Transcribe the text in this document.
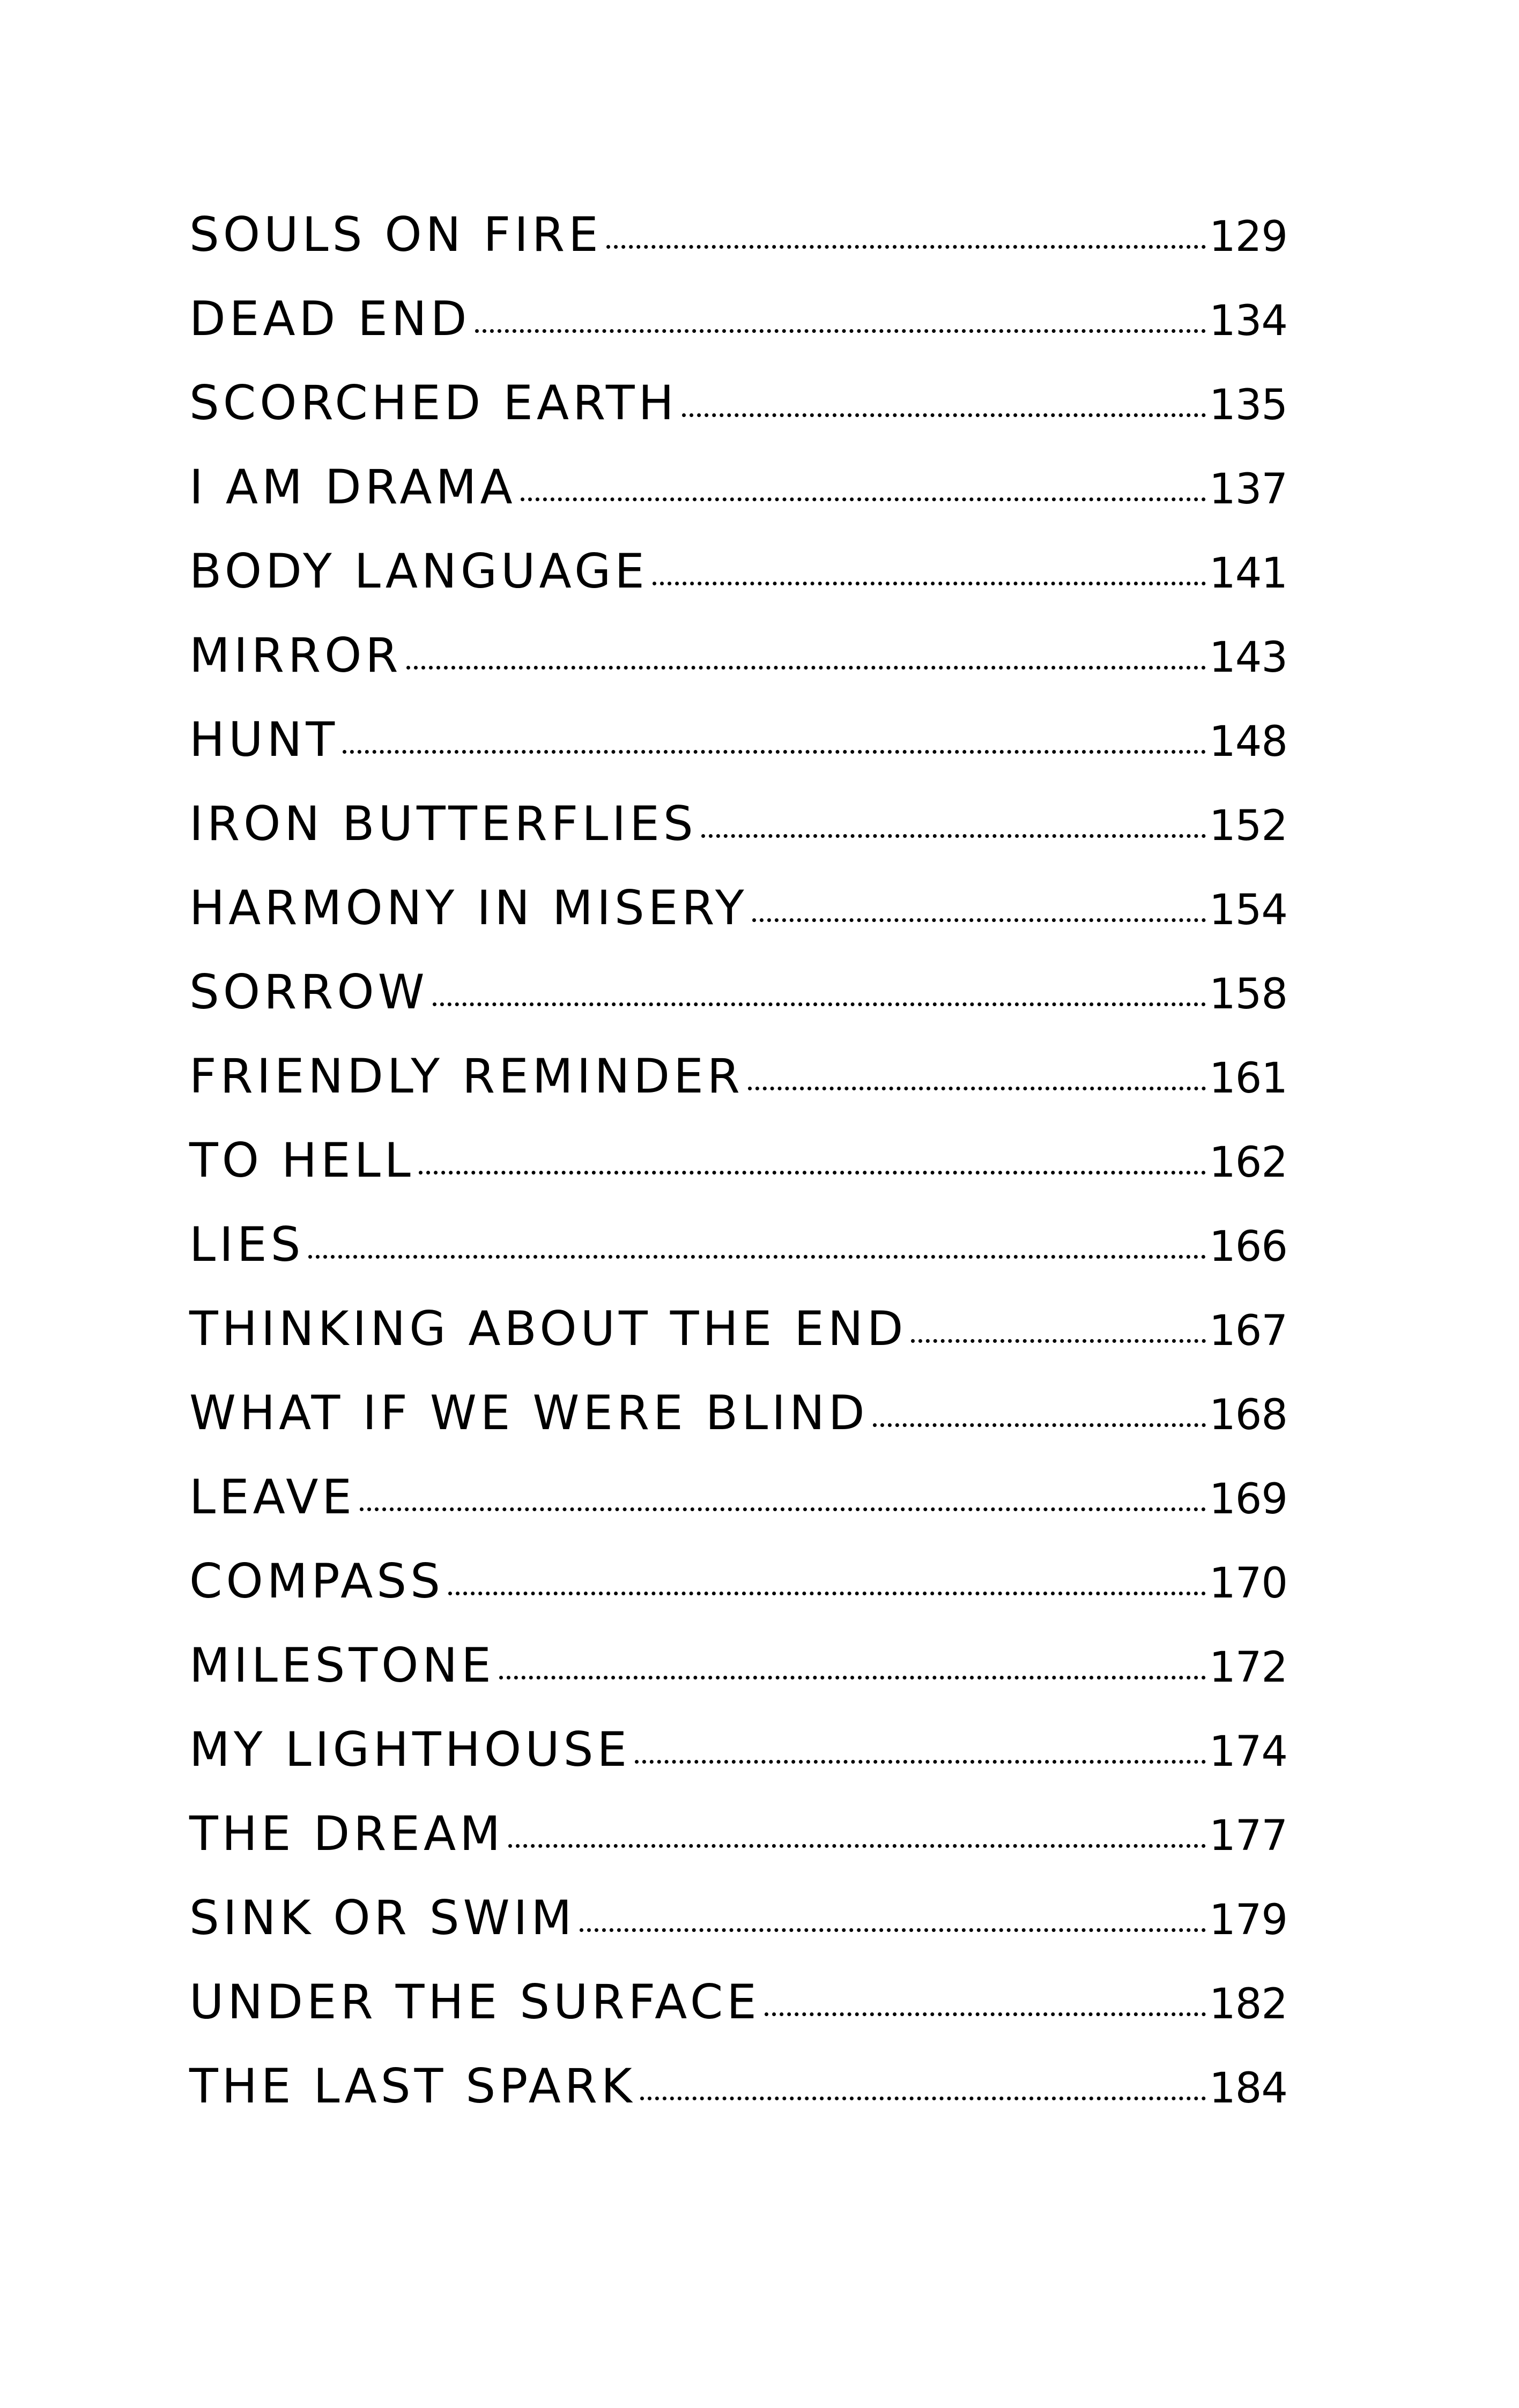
SOULS ON FIRE	129
DEAD END	134
SCORCHED EARTH	135
I AM DRAMA	137
BODY LANGUAGE	141
MIRROR	143
HUNT	148
IRON BUTTERFLIES	152
HARMONY IN MISERY	154
SORROW	158
FRIENDLY REMINDER	161
TO HELL	162
LIES	166
THINKING ABOUT THE END	167
WHAT IF WE WERE BLIND	168
LEAVE	169
COMPASS	170
MILESTONE	172
MY LIGHTHOUSE	174
THE DREAM	177
SINK OR SWIM	179
UNDER THE SURFACE	182
THE LAST SPARK	184
